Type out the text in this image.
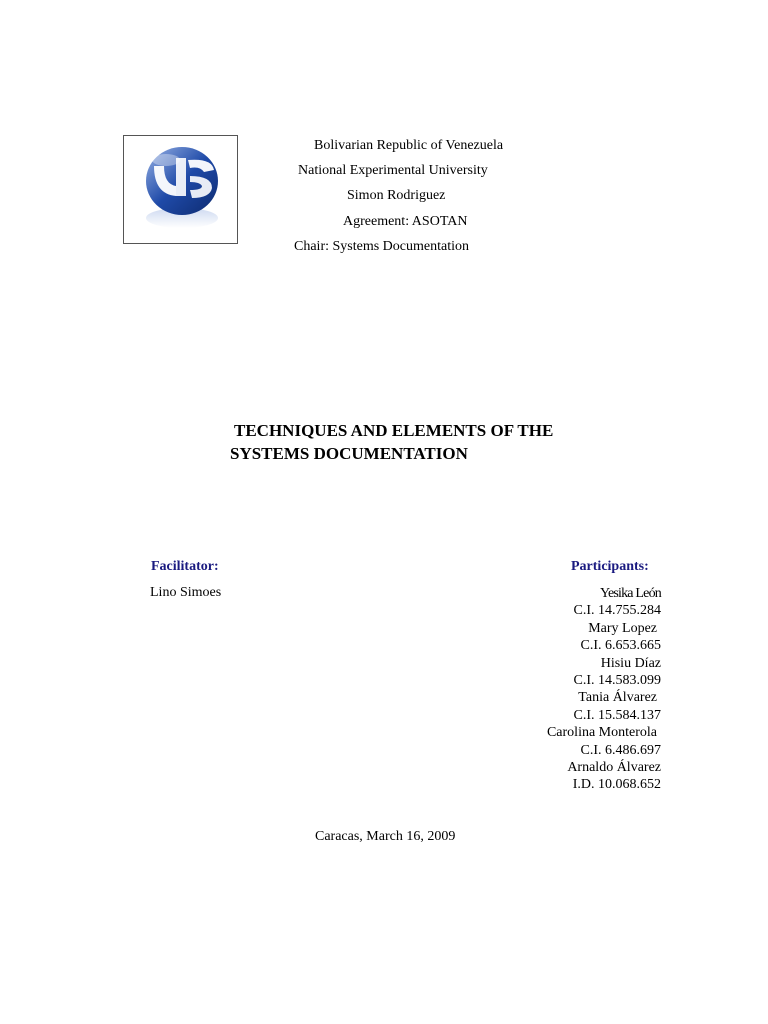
Bolivarian Republic of Venezuela
National Experimental University
Simon Rodriguez
Agreement: ASOTAN
Chair: Systems Documentation
TECHNIQUES AND ELEMENTS OF THE
SYSTEMS DOCUMENTATION
Facilitator:
Lino Simoes
Participants:
Yesika León
C.I. 14.755.284
Mary Lopez
C.I. 6.653.665
Hisiu Díaz
C.I. 14.583.099
Tania Álvarez
C.I. 15.584.137
Carolina Monterola
C.I. 6.486.697
Arnaldo Álvarez
I.D. 10.068.652
Caracas, March 16, 2009
